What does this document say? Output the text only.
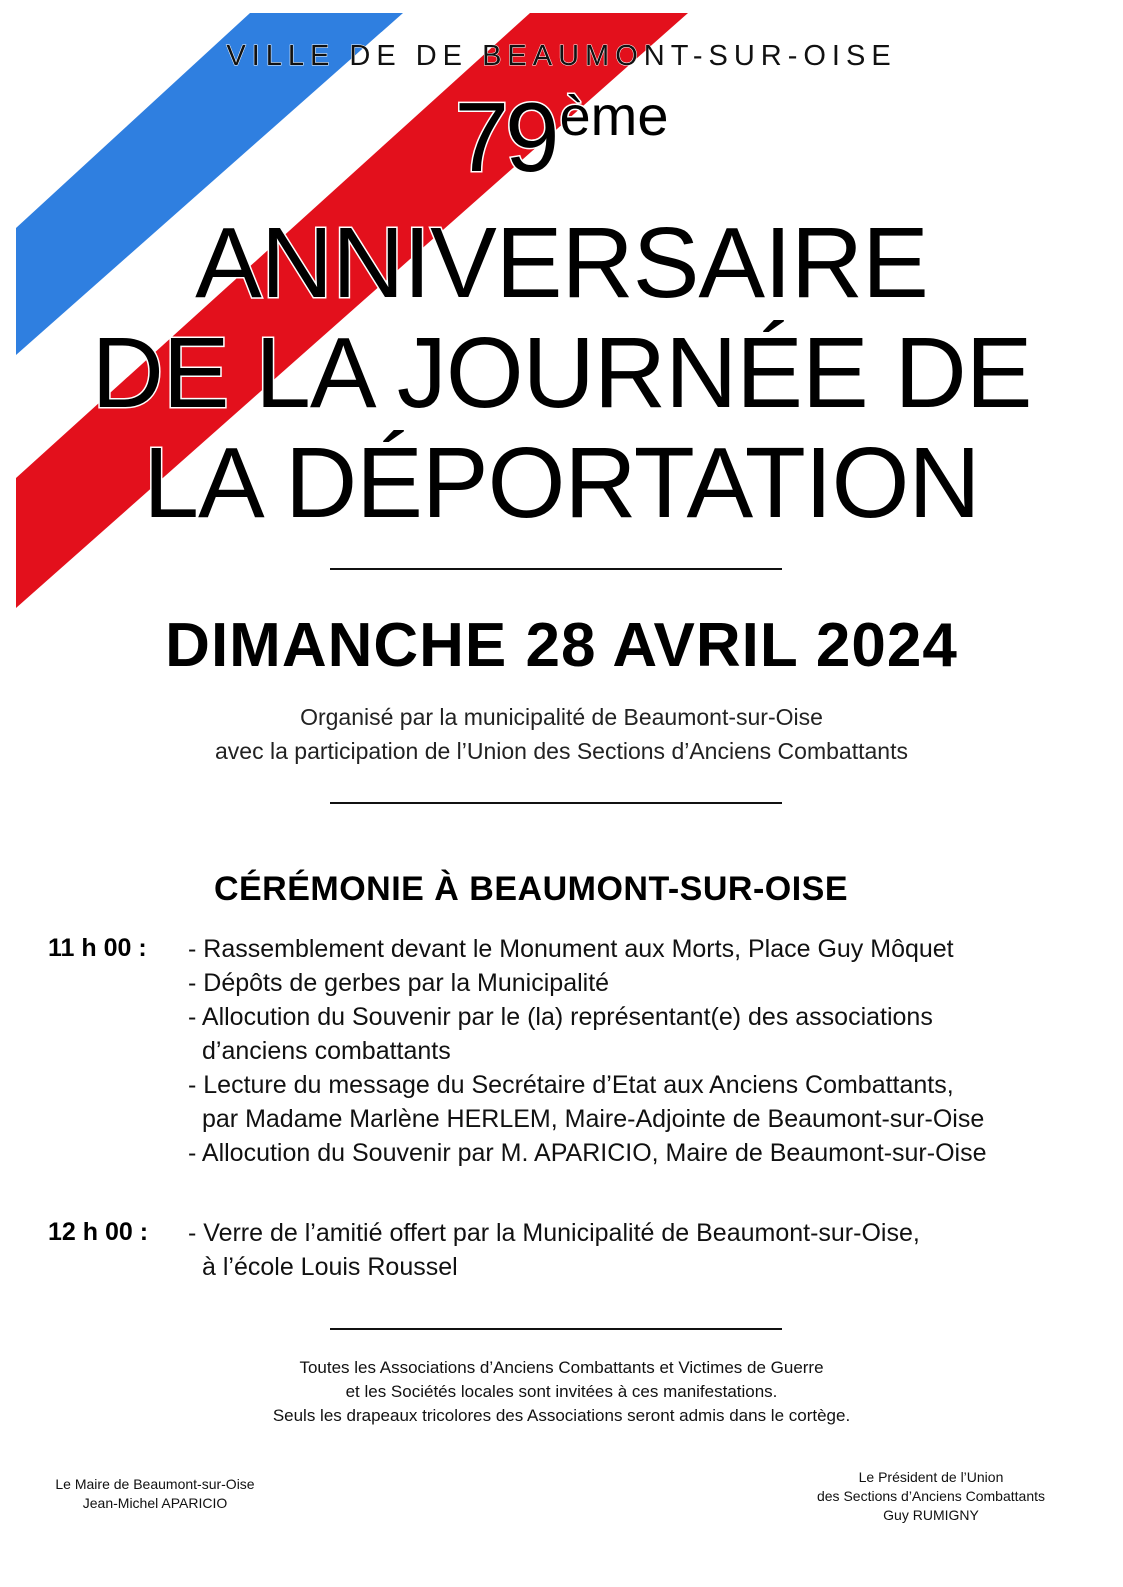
VILLE DE DE BEAUMONT-SUR-OISE
79ème
ANNIVERSAIRE
DE LA JOURNÉE DE
LA DÉPORTATION
DIMANCHE 28 AVRIL 2024
Organisé par la municipalité de Beaumont-sur-Oise
avec la participation de l’Union des Sections d’Anciens Combattants
CÉRÉMONIE À BEAUMONT-SUR-OISE
11 h 00 : - Rassemblement devant le Monument aux Morts, Place Guy Môquet
- Dépôts de gerbes par la Municipalité
- Allocution du Souvenir par le (la) représentant(e) des associations
d’anciens combattants
- Lecture du message du Secrétaire d’Etat aux Anciens Combattants,
par Madame Marlène HERLEM, Maire-Adjointe de Beaumont-sur-Oise
- Allocution du Souvenir par M. APARICIO, Maire de Beaumont-sur-Oise
12 h 00 : - Verre de l’amitié offert par la Municipalité de Beaumont-sur-Oise,
à l’école Louis Roussel
Toutes les Associations d’Anciens Combattants et Victimes de Guerre
et les Sociétés locales sont invitées à ces manifestations.
Seuls les drapeaux tricolores des Associations seront admis dans le cortège.
Le Maire de Beaumont-sur-Oise
Jean-Michel APARICIO
Le Président de l’Union
des Sections d’Anciens Combattants
Guy RUMIGNY
